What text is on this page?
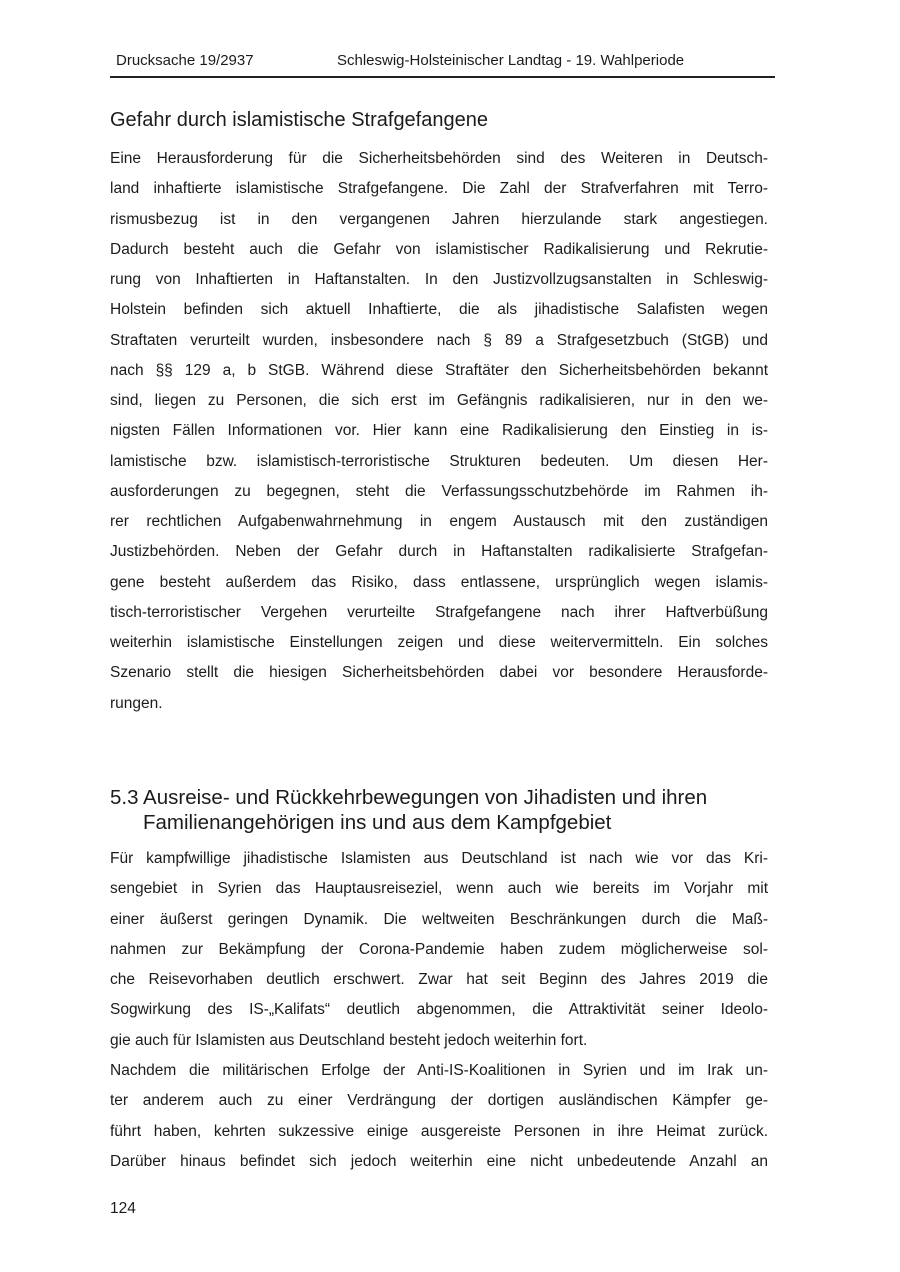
Drucksache 19/2937	Schleswig-Holsteinischer Landtag - 19. Wahlperiode
Gefahr durch islamistische Strafgefangene
Eine Herausforderung für die Sicherheitsbehörden sind des Weiteren in Deutsch-
land inhaftierte islamistische Strafgefangene. Die Zahl der Strafverfahren mit Terro-
rismusbezug ist in den vergangenen Jahren hierzulande stark angestiegen.
Dadurch besteht auch die Gefahr von islamistischer Radikalisierung und Rekrutie-
rung von Inhaftierten in Haftanstalten. In den Justizvollzugsanstalten in Schleswig-
Holstein befinden sich aktuell Inhaftierte, die als jihadistische Salafisten wegen
Straftaten verurteilt wurden, insbesondere nach § 89 a Strafgesetzbuch (StGB) und
nach §§ 129 a, b StGB. Während diese Straftäter den Sicherheitsbehörden bekannt
sind, liegen zu Personen, die sich erst im Gefängnis radikalisieren, nur in den we-
nigsten Fällen Informationen vor. Hier kann eine Radikalisierung den Einstieg in is-
lamistische bzw. islamistisch-terroristische Strukturen bedeuten. Um diesen Her-
ausforderungen zu begegnen, steht die Verfassungsschutzbehörde im Rahmen ih-
rer rechtlichen Aufgabenwahrnehmung in engem Austausch mit den zuständigen
Justizbehörden. Neben der Gefahr durch in Haftanstalten radikalisierte Strafgefan-
gene besteht außerdem das Risiko, dass entlassene, ursprünglich wegen islamis-
tisch-terroristischer Vergehen verurteilte Strafgefangene nach ihrer Haftverbüßung
weiterhin islamistische Einstellungen zeigen und diese weitervermitteln. Ein solches
Szenario stellt die hiesigen Sicherheitsbehörden dabei vor besondere Herausforde-
rungen.
5.3 Ausreise- und Rückkehrbewegungen von Jihadisten und ihren
Familienangehörigen ins und aus dem Kampfgebiet
Für kampfwillige jihadistische Islamisten aus Deutschland ist nach wie vor das Kri-
sengebiet in Syrien das Hauptausreiseziel, wenn auch wie bereits im Vorjahr mit
einer äußerst geringen Dynamik. Die weltweiten Beschränkungen durch die Maß-
nahmen zur Bekämpfung der Corona-Pandemie haben zudem möglicherweise sol-
che Reisevorhaben deutlich erschwert. Zwar hat seit Beginn des Jahres 2019 die
Sogwirkung des IS-„Kalifats“ deutlich abgenommen, die Attraktivität seiner Ideolo-
gie auch für Islamisten aus Deutschland besteht jedoch weiterhin fort.
Nachdem die militärischen Erfolge der Anti-IS-Koalitionen in Syrien und im Irak un-
ter anderem auch zu einer Verdrängung der dortigen ausländischen Kämpfer ge-
führt haben, kehrten sukzessive einige ausgereiste Personen in ihre Heimat zurück.
Darüber hinaus befindet sich jedoch weiterhin eine nicht unbedeutende Anzahl an
124
